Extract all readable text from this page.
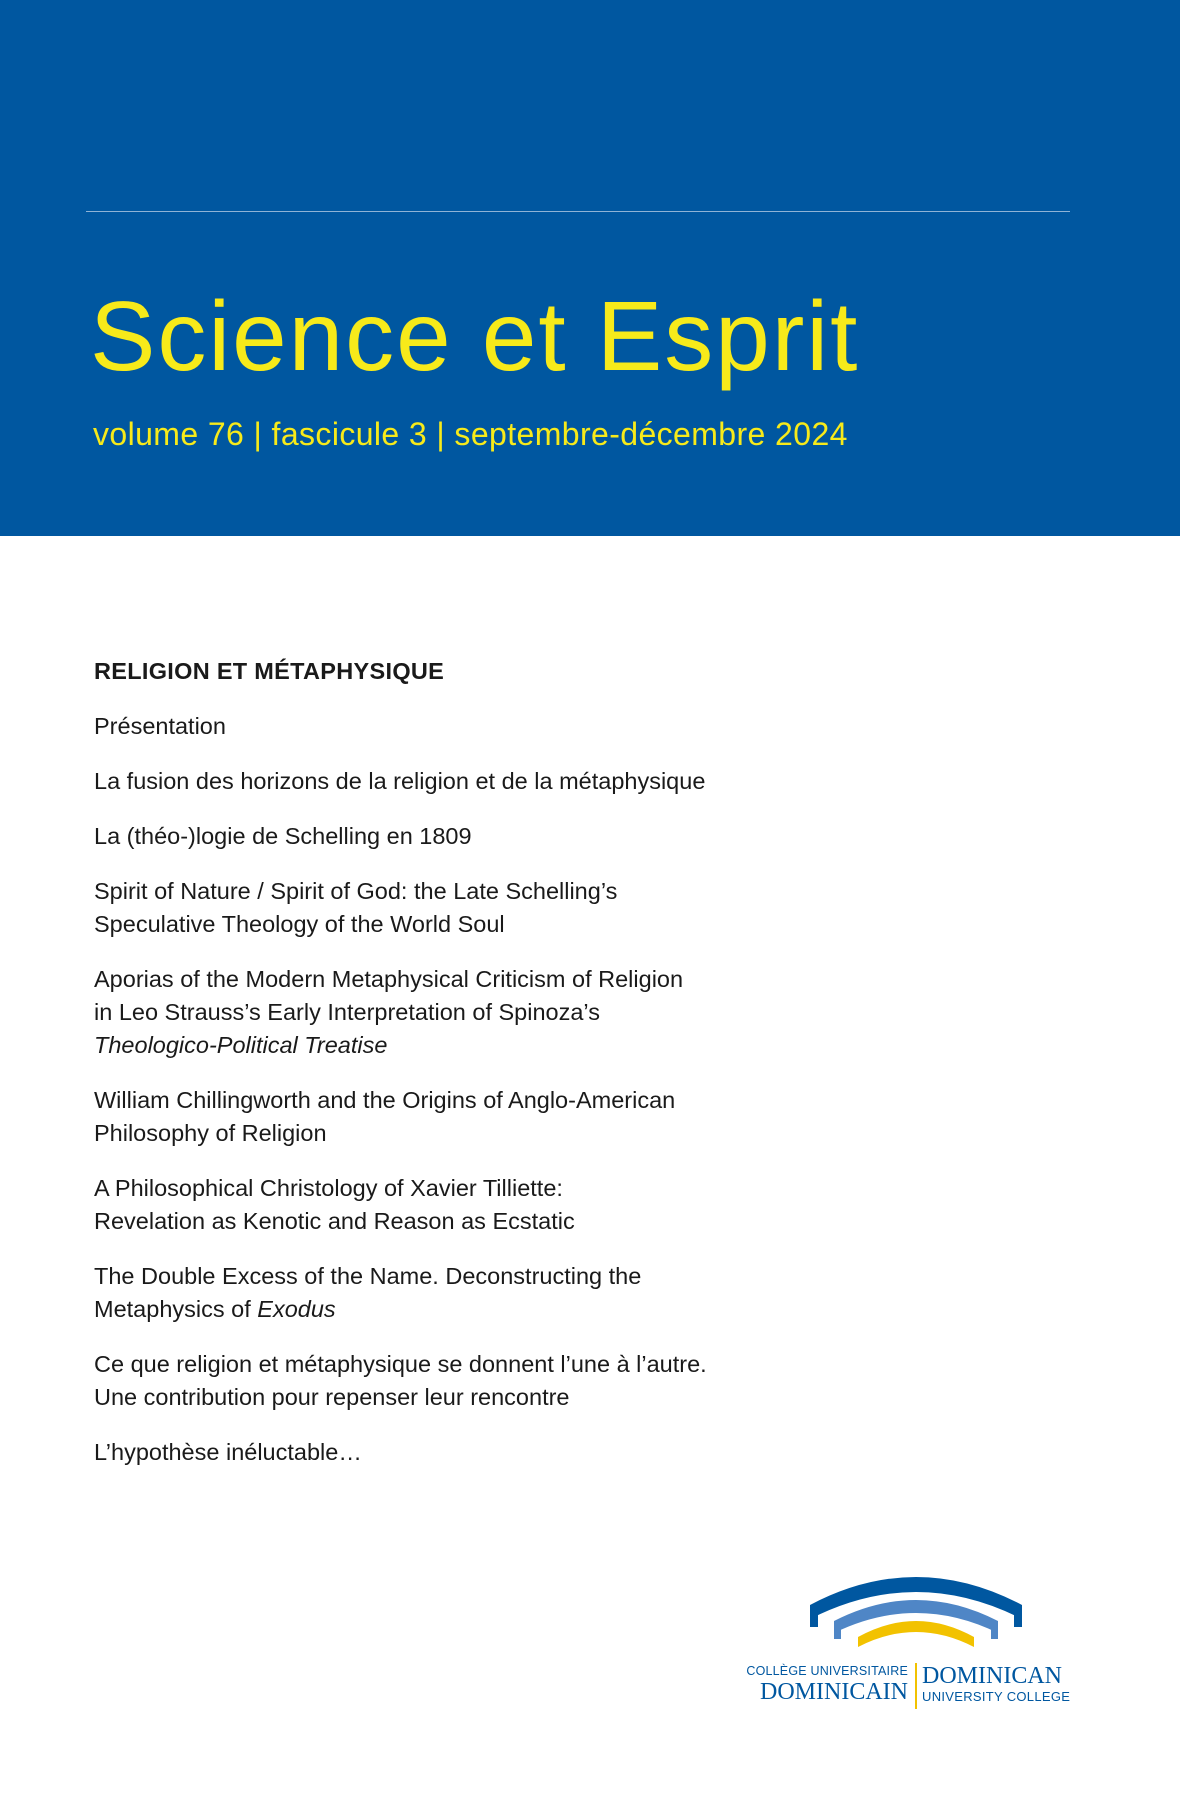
Science et Esprit
volume 76 | fascicule 3 | septembre-décembre 2024
RELIGION ET MÉTAPHYSIQUE
Présentation
La fusion des horizons de la religion et de la métaphysique
La (théo-)logie de Schelling en 1809
Spirit of Nature / Spirit of God: the Late Schelling’s
Speculative Theology of the World Soul
Aporias of the Modern Metaphysical Criticism of Religion
in Leo Strauss’s Early Interpretation of Spinoza’s
Theologico-Political Treatise
William Chillingworth and the Origins of Anglo-American
Philosophy of Religion
A Philosophical Christology of Xavier Tilliette:
Revelation as Kenotic and Reason as Ecstatic
The Double Excess of the Name. Deconstructing the
Metaphysics of Exodus
Ce que religion et métaphysique se donnent l’une à l’autre.
Une contribution pour repenser leur rencontre
L’hypothèse inéluctable…
COLLÈGE UNIVERSITAIRE
DOMINICAIN
DOMINICAN
UNIVERSITY COLLEGE
